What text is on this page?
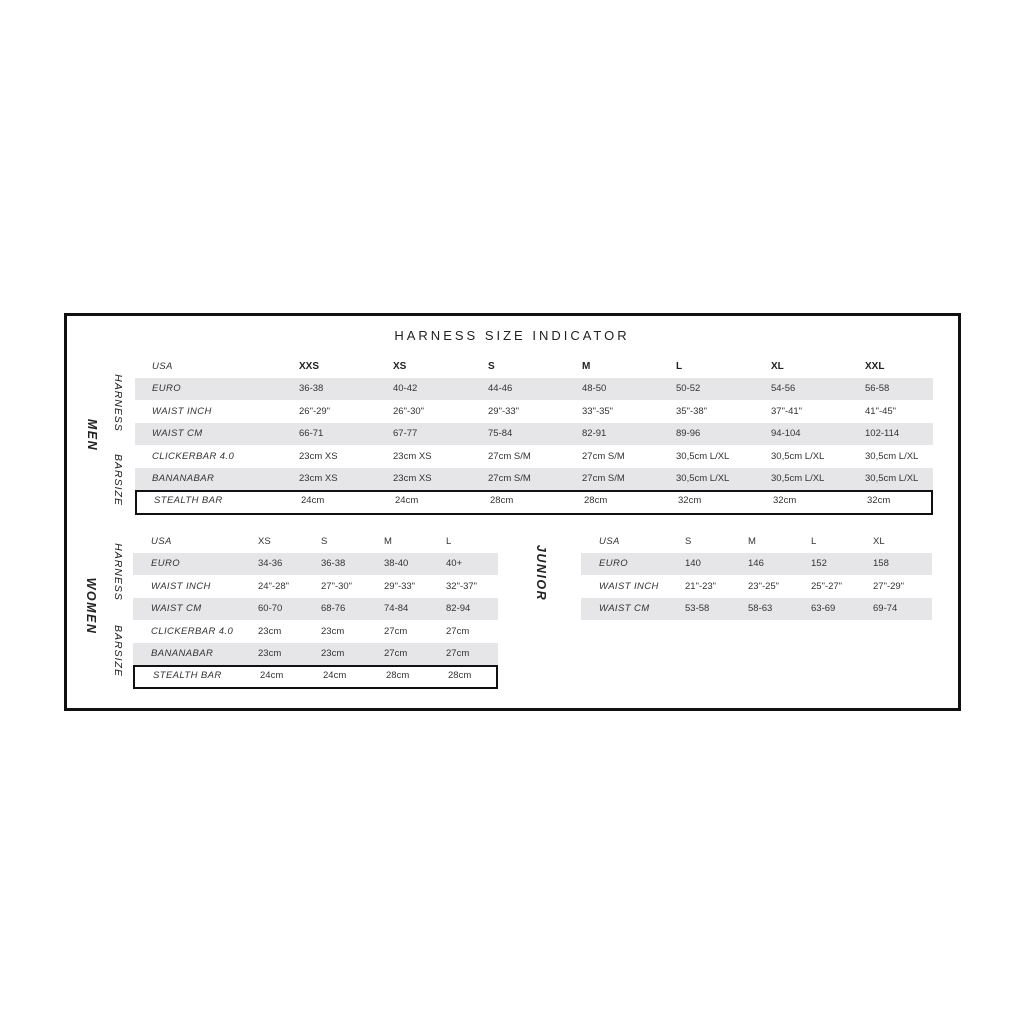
HARNESS SIZE INDICATOR
MEN
HARNESS
BARSIZE
WOMEN
HARNESS
BARSIZE
JUNIOR
USA	XXS	XS	S	M	L	XL	XXL
EURO	36-38	40-42	44-46	48-50	50-52	54-56	56-58
WAIST INCH	26"-29"	26"-30"	29"-33"	33"-35"	35"-38"	37"-41"	41"-45"
WAIST CM	66-71	67-77	75-84	82-91	89-96	94-104	102-114
CLICKERBAR 4.0	23cm XS	23cm XS	27cm S/M	27cm S/M	30,5cm L/XL	30,5cm L/XL	30,5cm L/XL
BANANABAR	23cm XS	23cm XS	27cm S/M	27cm S/M	30,5cm L/XL	30,5cm L/XL	30,5cm L/XL
STEALTH BAR	24cm	24cm	28cm	28cm	32cm	32cm	32cm
USA	XS	S	M	L
EURO	34-36	36-38	38-40	40+
WAIST INCH	24"-28"	27"-30"	29"-33"	32"-37"
WAIST CM	60-70	68-76	74-84	82-94
CLICKERBAR 4.0	23cm	23cm	27cm	27cm
BANANABAR	23cm	23cm	27cm	27cm
STEALTH BAR	24cm	24cm	28cm	28cm
USA	S	M	L	XL
EURO	140	146	152	158
WAIST INCH	21"-23"	23"-25"	25"-27"	27"-29"
WAIST CM	53-58	58-63	63-69	69-74
